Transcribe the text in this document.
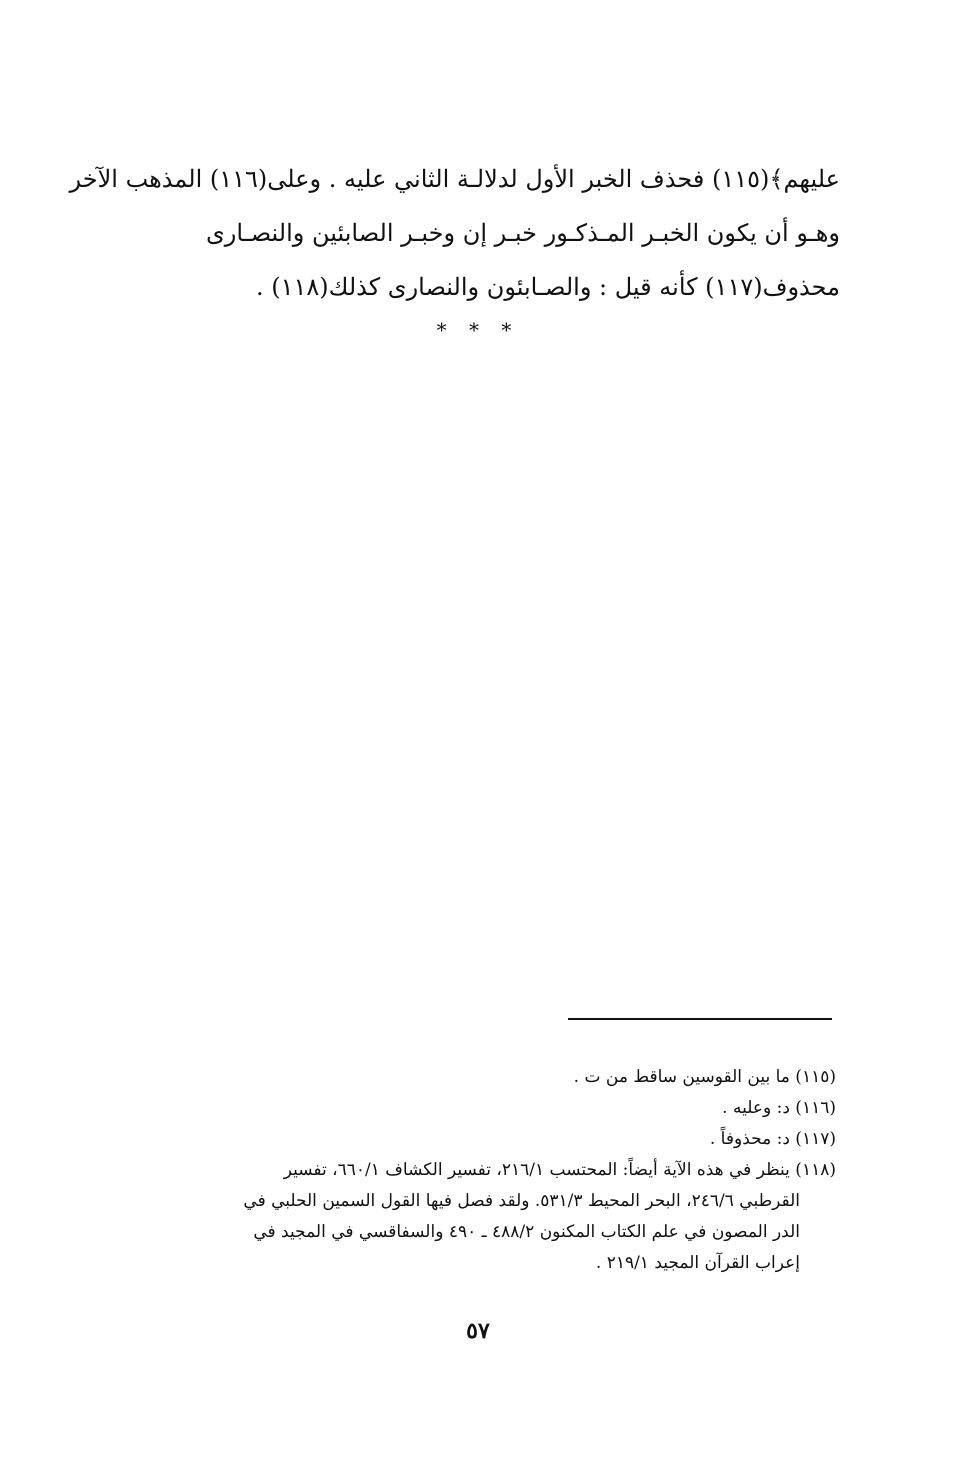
عليهم﴾(١١٥) فحذف الخبر الأول لدلالـة الثاني عليه . وعلى(١١٦) المذهب الآخر
وهـو أن يكون الخبـر المـذكـور خبـر إن وخبـر الصابئين والنصـارى
محذوف(١١٧) كأنه قيل : والصـابئون والنصارى كذلك(١١٨) .
* * *
(١١٥) ما بين القوسين ساقط من ت .
(١١٦) د: وعليه .
(١١٧) د: محذوفاً .
(١١٨) ينظر في هذه الآية أيضاً: المحتسب ٢١٦/١، تفسير الكشاف ٦٦٠/١، تفسير
القرطبي ٢٤٦/٦، البحر المحيط ٥٣١/٣. ولقد فصل فيها القول السمين الحلبي في
الدر المصون في علم الكتاب المكنون ٤٨٨/٢ ـ ٤٩٠ والسفاقسي في المجيد في
إعراب القرآن المجيد ٢١٩/١ .
٥٧
